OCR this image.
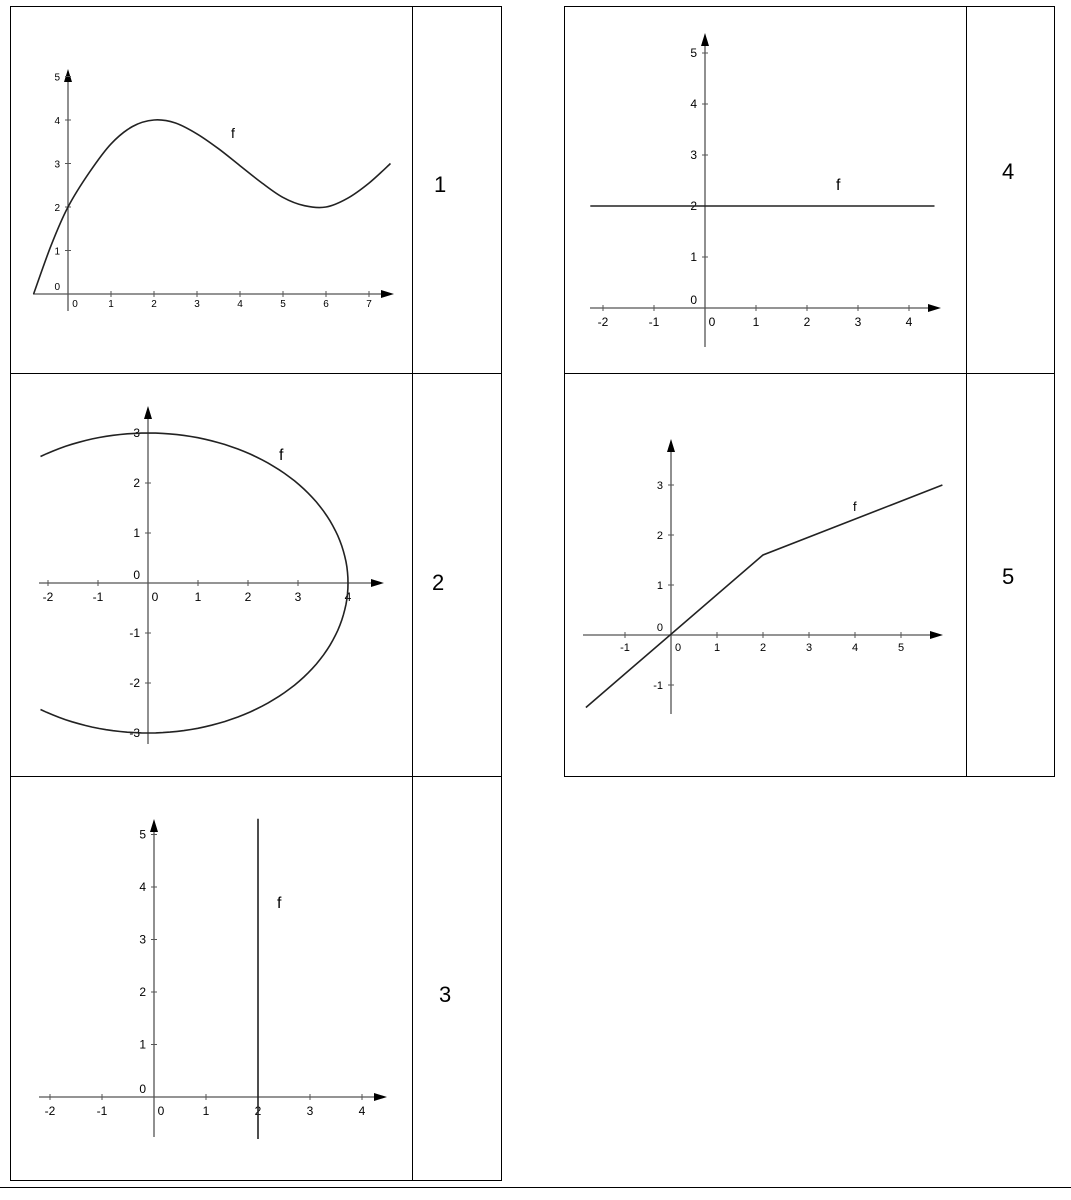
0	1	2	3	4	5	6	7
0
1
2
3
4
5
f
1
-2	-1	0	1	2	3	4
3
2
1
0
-1
-2
-3
f
2
-2	-1	0	1	2	3	4
0
1
2
3
4
5
f
3
-2	-1	0	1	2	3	4
0
1
2
3
4
5
f
4
-1	0	1	2	3	4	5
-1
0
1
2
3
f
5
